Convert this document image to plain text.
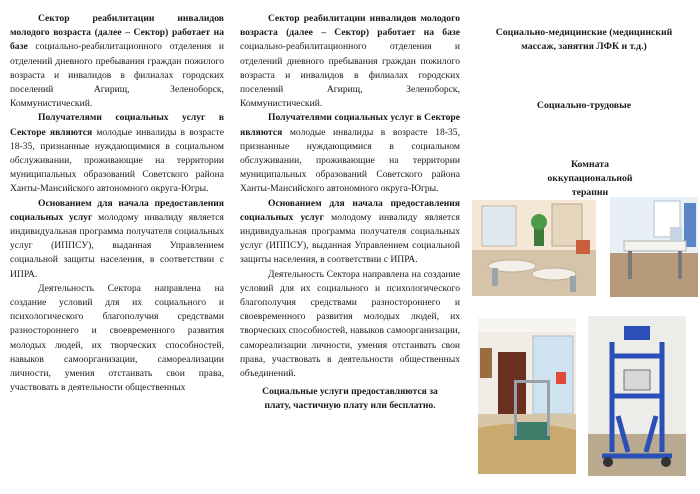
Сектор реабилитации инвалидов молодого возраста (далее – Сектор) работает на базе социально-реабилитационного отделения и отделений дневного пребывания граждан пожилого возраста и инвалидов в филиалах городских поселений Агирищ, Зеленоборск, Коммунистический.

Получателями социальных услуг в Секторе являются молодые инвалиды в возрасте 18-35, признанные нуждающимися в социальном обслуживании, проживающие на территории муниципальных образований Советского района Ханты-Мансийского автономного округа-Югры.

Основанием для начала предоставления социальных услуг молодому инвалиду является индивидуальная программа получателя социальных услуг (ИППСУ), выданная Управлением социальной защиты населения, в соответствии с ИПРА.

Деятельность Сектора направлена на создание условий для их социального и психологического благополучия средствами разностороннего и своевременного развития молодых людей, их творческих способностей, навыков самоорганизации, самореализации личности, умения отстаивать свои права, участвовать в деятельности общественных

Сектор реабилитации инвалидов молодого возраста (далее – Сектор) работает на базе социально-реабилитационного отделения и отделений дневного пребывания граждан пожилого возраста и инвалидов в филиалах городских поселений Агирищ, Зеленоборск, Коммунистический.

Получателями социальных услуг в Секторе являются молодые инвалиды в возрасте 18-35, признанные нуждающимися в социальном обслуживании, проживающие на территории муниципальных образований Советского района Ханты-Мансийского автономного округа-Югры.

Основанием для начала предоставления социальных услуг молодому инвалиду является индивидуальная программа получателя социальных услуг (ИППСУ), выданная Управлением социальной защиты населения, в соответствии с ИПРА.

Деятельность Сектора направлена на создание условий для их социального и психологического благополучия средствами разностороннего и своевременного развития молодых людей, их творческих способностей, навыков самоорганизации, самореализации личности, умения отстаивать свои права, участвовать в деятельности общественных объединений.

Социальные услуги предоставляются за
плату, частичную плату или бесплатно.

Социально-медицинские (медицинский массаж, занятия ЛФК и т.д.)
Социально-трудовые
Комната оккупациональной терапии
